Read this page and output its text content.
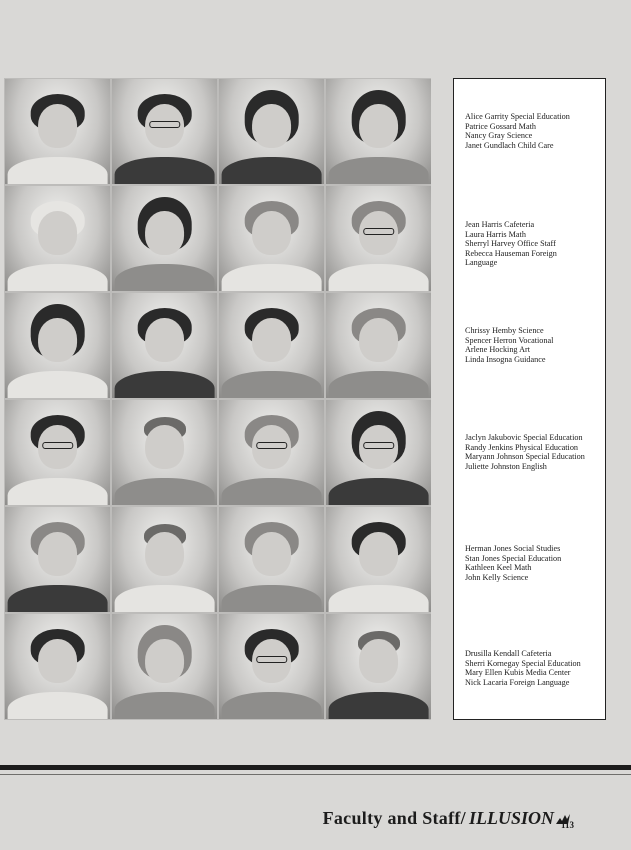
Alice Garrity Special Education
Patrice Gossard Math
Nancy Gray Science
Janet Gundlach Child Care
Jean Harris Cafeteria
Laura Harris Math
Sherryl Harvey Office Staff
Rebecca Hauseman Foreign
Language
Chrissy Hemby Science
Spencer Herron Vocational
Arlene Hocking Art
Linda Insogna Guidance
Jaclyn Jakubovic Special Education
Randy Jenkins Physical Education
Maryann Johnson Special Education
Juliette Johnston English
Herman Jones Social Studies
Stan Jones Special Education
Kathleen Keel Math
John Kelly Science
Drusilla Kendall Cafeteria
Sherri Kornegay Special Education
Mary Ellen Kubis Media Center
Nick Lacaria Foreign Language
Faculty and Staff/ ILLUSION 113
